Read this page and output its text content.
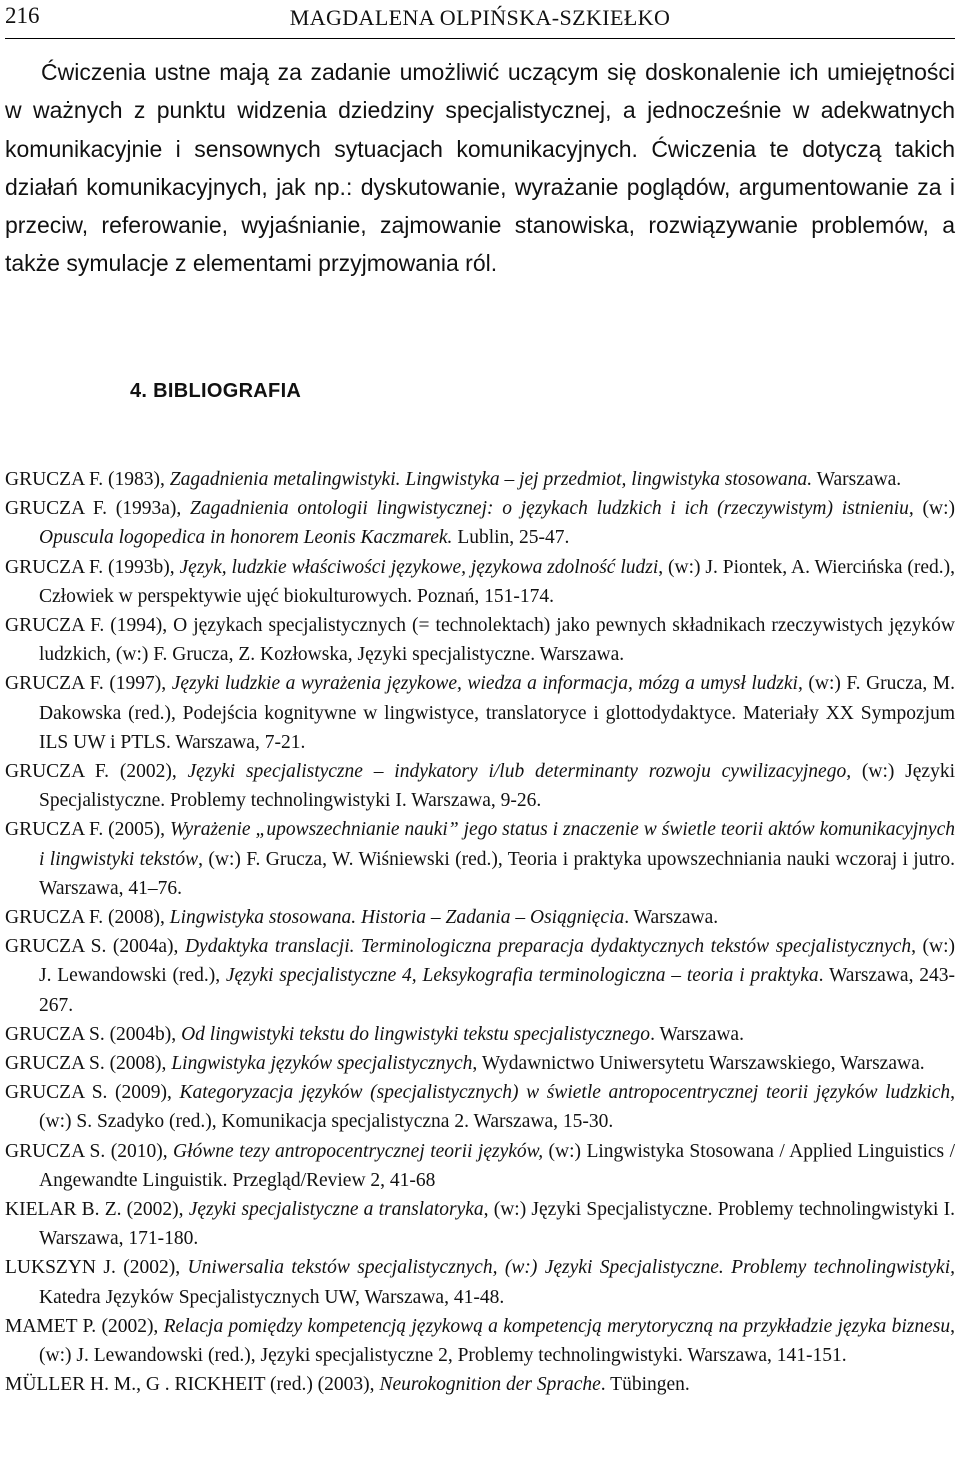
216	MAGDALENA OLPIŃSKA-SZKIEŁKO

Ćwiczenia ustne mają za zadanie umożliwić uczącym się doskonalenie ich umiejętności w ważnych z punktu widzenia dziedziny specjalistycznej, a jednocześnie w adekwatnych komunikacyjnie i sensownych sytuacjach komunikacyjnych. Ćwiczenia te dotyczą takich działań komunikacyjnych, jak np.: dyskutowanie, wyrażanie poglądów, argumentowanie za i przeciw, referowanie, wyjaśnianie, zajmowanie stanowiska, rozwiązywanie problemów, a także symulacje z elementami przyjmowania ról.

4. BIBLIOGRAFIA
GRUCZA F. (1983), Zagadnienia metalingwistyki. Lingwistyka – jej przedmiot, lingwistyka stosowana. Warszawa.
GRUCZA F. (1993a), Zagadnienia ontologii lingwistycznej: o językach ludzkich i ich (rzeczywistym) istnieniu, (w:) Opuscula logopedica in honorem Leonis Kaczmarek. Lublin, 25-47.
GRUCZA F. (1993b), Język, ludzkie właściwości językowe, językowa zdolność ludzi, (w:) J. Piontek, A. Wiercińska (red.), Człowiek w perspektywie ujęć biokulturowych. Poznań, 151-174.
GRUCZA F. (1994), O językach specjalistycznych (= technolektach) jako pewnych składnikach rzeczywistych języków ludzkich, (w:) F. Grucza, Z. Kozłowska, Języki specjalistyczne. Warszawa.
GRUCZA F. (1997), Języki ludzkie a wyrażenia językowe, wiedza a informacja, mózg a umysł ludzki, (w:) F. Grucza, M. Dakowska (red.), Podejścia kognitywne w lingwistyce, translatoryce i glottodydaktyce. Materiały XX Sympozjum ILS UW i PTLS. Warszawa, 7-21.
GRUCZA F. (2002), Języki specjalistyczne – indykatory i/lub determinanty rozwoju cywilizacyjnego, (w:) Języki Specjalistyczne. Problemy technolingwistyki I. Warszawa, 9-26.
GRUCZA F. (2005), Wyrażenie „upowszechnianie nauki” jego status i znaczenie w świetle teorii aktów komunikacyjnych i lingwistyki tekstów, (w:) F. Grucza, W. Wiśniewski (red.), Teoria i praktyka upowszechniania nauki wczoraj i jutro. Warszawa, 41–76.
GRUCZA F. (2008), Lingwistyka stosowana. Historia – Zadania – Osiągnięcia. Warszawa.
GRUCZA S. (2004a), Dydaktyka translacji. Terminologiczna preparacja dydaktycznych tekstów specjalistycznych, (w:) J. Lewandowski (red.), Języki specjalistyczne 4, Leksykografia terminologiczna – teoria i praktyka. Warszawa, 243-267.
GRUCZA S. (2004b), Od lingwistyki tekstu do lingwistyki tekstu specjalistycznego. Warszawa.
GRUCZA S. (2008), Lingwistyka języków specjalistycznych, Wydawnictwo Uniwersytetu Warszawskiego, Warszawa.
GRUCZA S. (2009), Kategoryzacja języków (specjalistycznych) w świetle antropocentrycznej teorii języków ludzkich, (w:) S. Szadyko (red.), Komunikacja specjalistyczna 2. Warszawa, 15-30.
GRUCZA S. (2010), Główne tezy antropocentrycznej teorii języków, (w:) Lingwistyka Stosowana / Applied Linguistics / Angewandte Linguistik. Przegląd/Review 2, 41-68
KIELAR B. Z. (2002), Języki specjalistyczne a translatoryka, (w:) Języki Specjalistyczne. Problemy technolingwistyki I. Warszawa, 171-180.
LUKSZYN J. (2002), Uniwersalia tekstów specjalistycznych, (w:) Języki Specjalistyczne. Problemy technolingwistyki, Katedra Języków Specjalistycznych UW, Warszawa, 41-48.
MAMET P. (2002), Relacja pomiędzy kompetencją językową a kompetencją merytoryczną na przykładzie języka biznesu, (w:) J. Lewandowski (red.), Języki specjalistyczne 2, Problemy technolingwistyki. Warszawa, 141-151.
MÜLLER H. M., G . RICKHEIT (red.) (2003), Neurokognition der Sprache. Tübingen.
